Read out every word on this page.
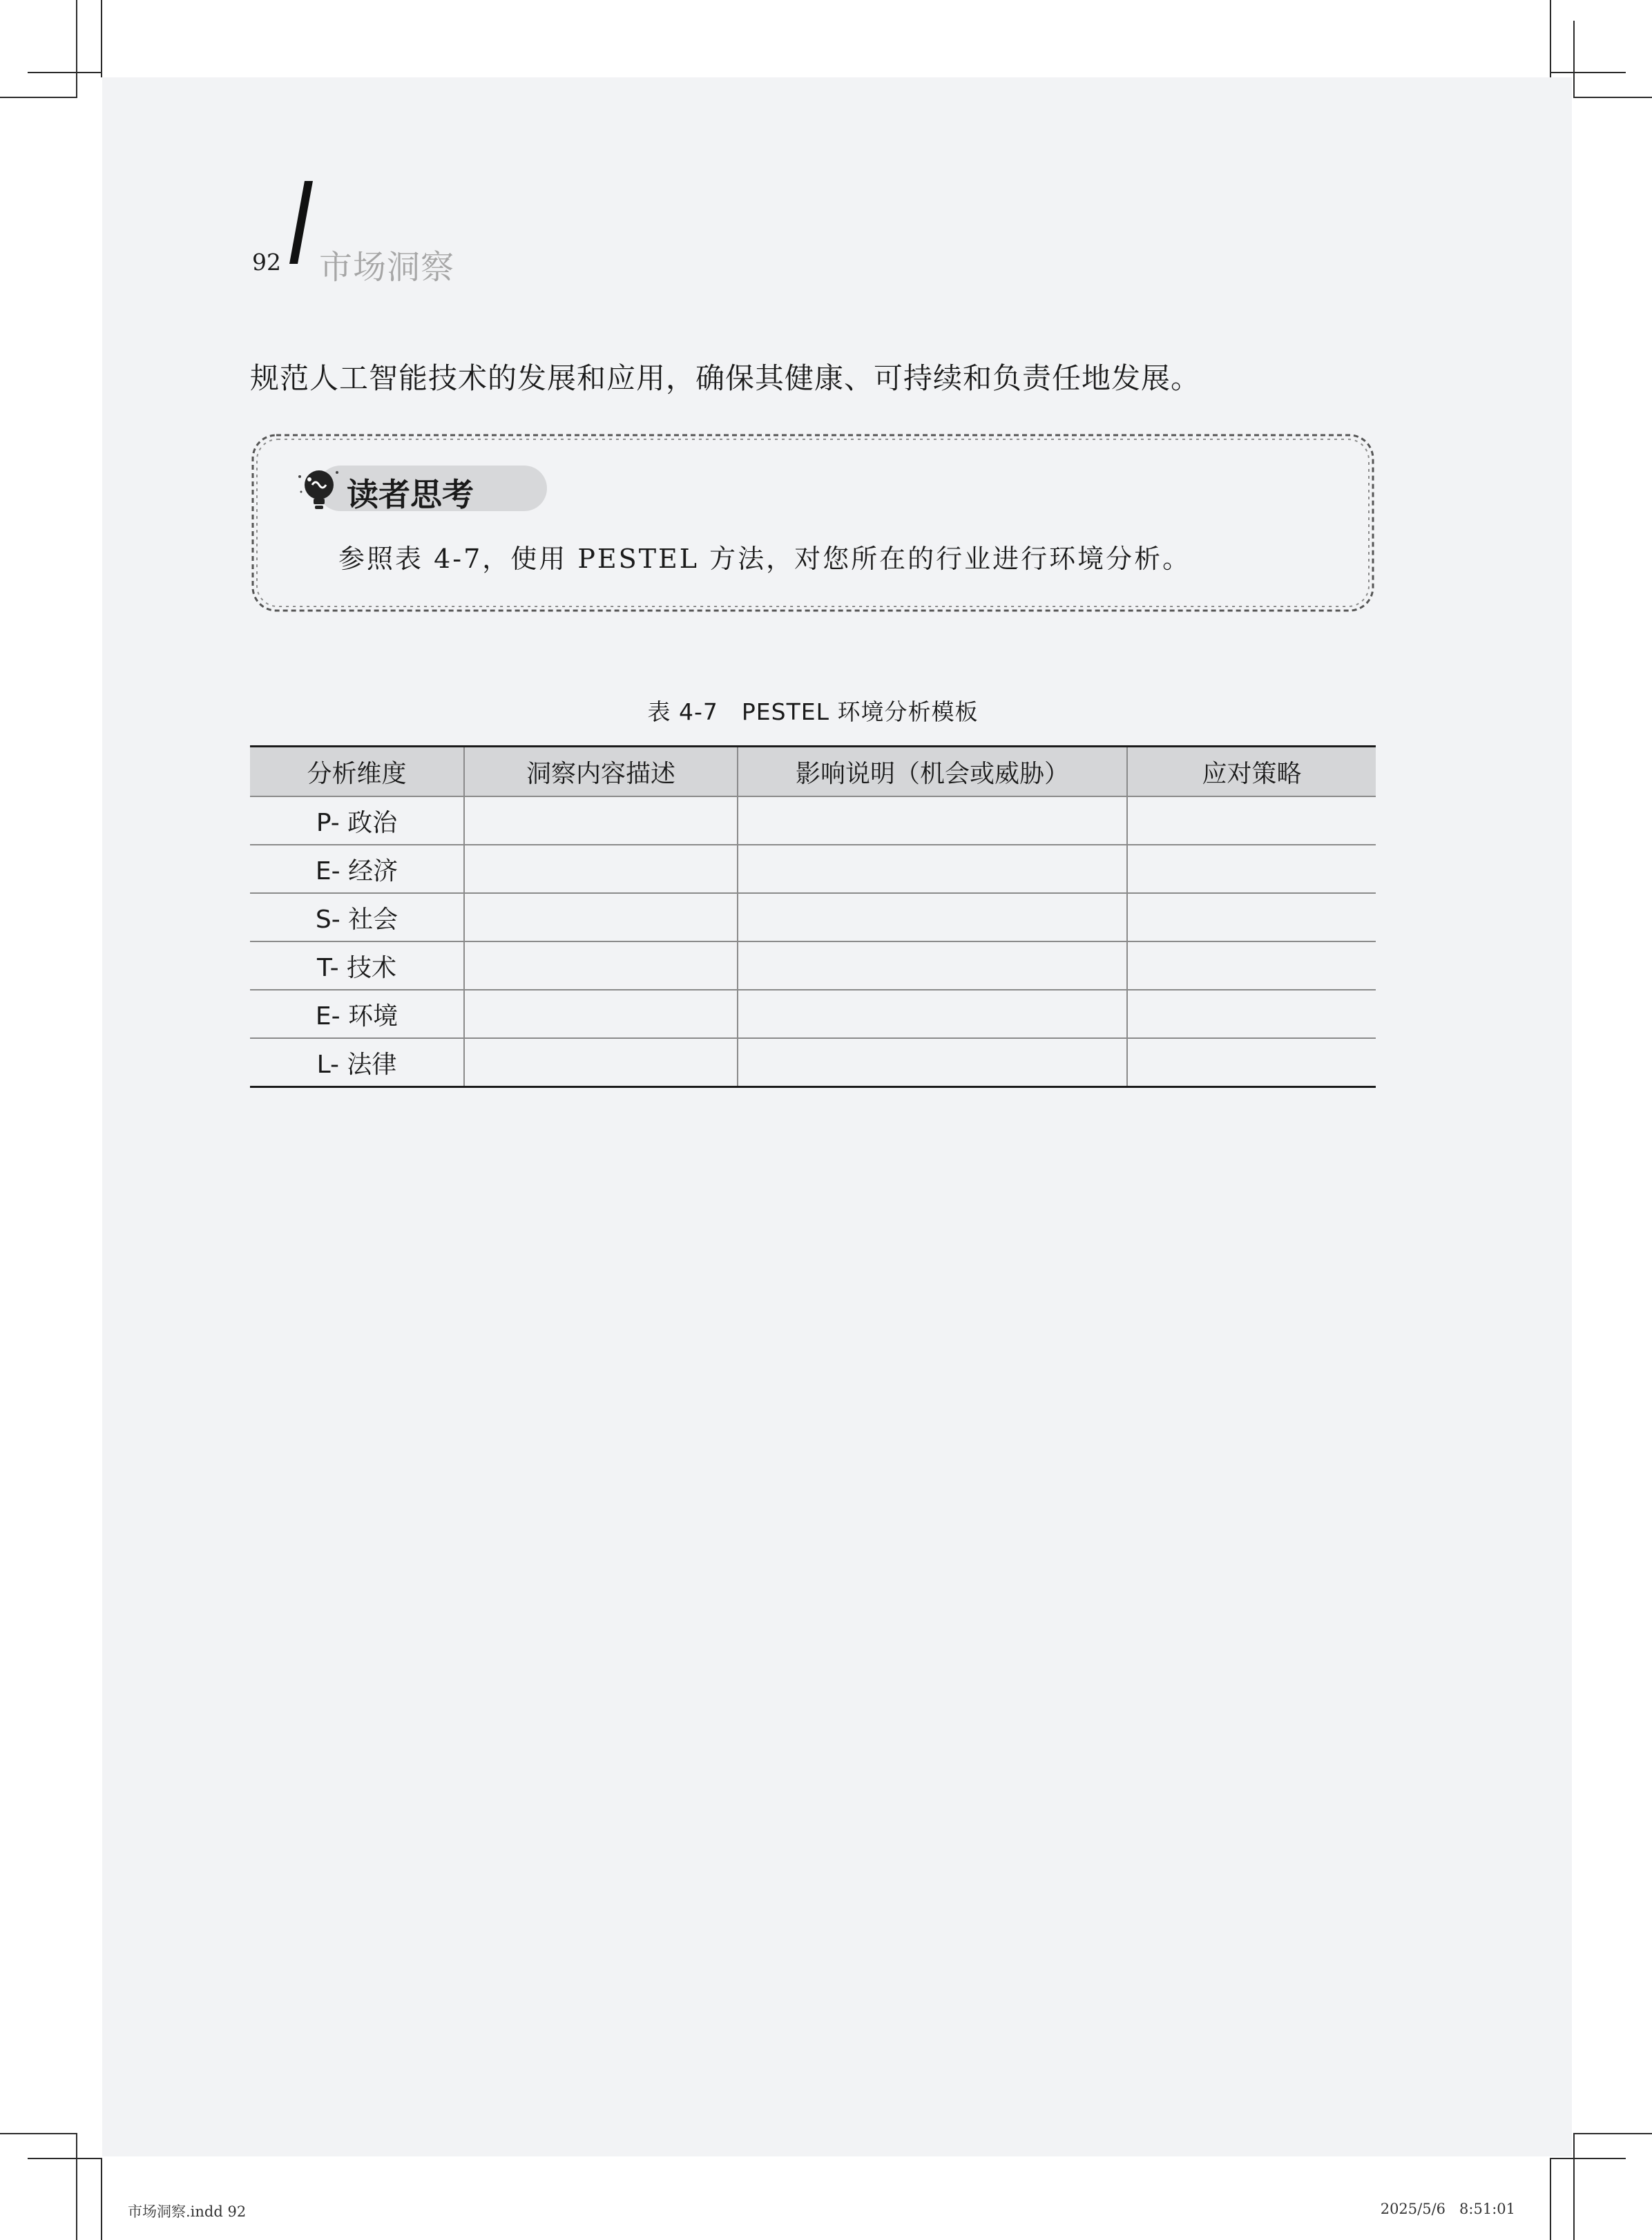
92 市场洞察
规范人工智能技术的发展和应用，确保其健康、可持续和负责任地发展。
读者思考
参照表 4-7，使用 PESTEL 方法，对您所在的行业进行环境分析。
表 4-7　PESTEL 环境分析模板
分析维度	洞察内容描述	影响说明（机会或威胁）	应对策略
P- 政治			
E- 经济			
S- 社会			
T- 技术			
E- 环境			
L- 法律			
市场洞察.indd 92	2025/5/6   8:51:01
